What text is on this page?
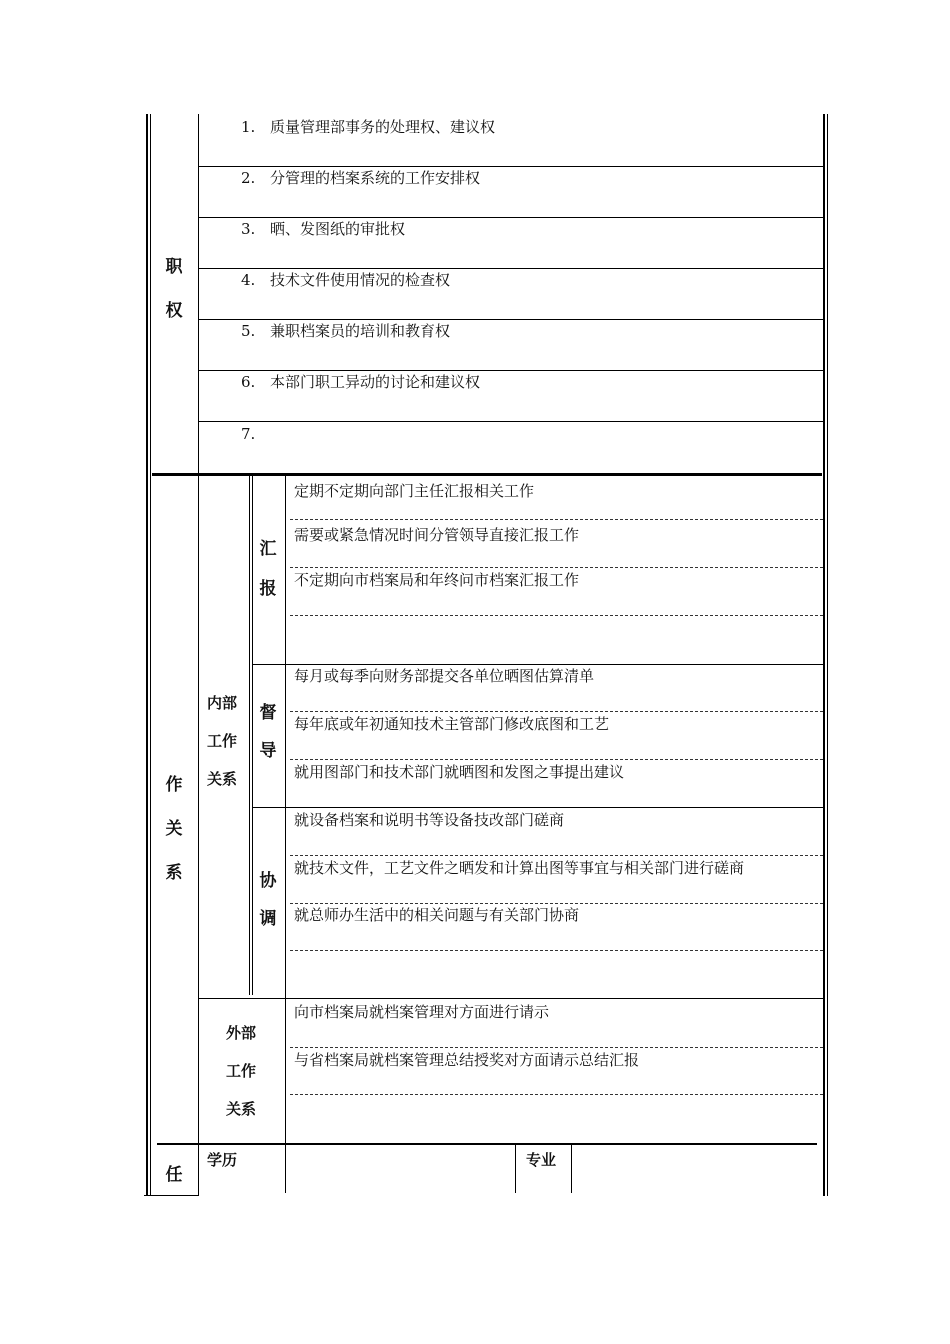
职
权
1. 质量管理部事务的处理权、建议权
2. 分管理的档案系统的工作安排权
3. 晒、发图纸的审批权
4. 技术文件使用情况的检查权
5. 兼职档案员的培训和教育权
6. 本部门职工异动的讨论和建议权
7.
作
关
系
内部
工作
关系
汇
报
定期不定期向部门主任汇报相关工作
需要或紧急情况时间分管领导直接汇报工作
不定期向市档案局和年终问市档案汇报工作
督
导
每月或每季向财务部提交各单位晒图估算清单
每年底或年初通知技术主管部门修改底图和工艺
就用图部门和技术部门就晒图和发图之事提出建议
协
调
就设备档案和说明书等设备技改部门磋商
就技术文件，工艺文件之晒发和计算出图等事宜与相关部门进行磋商
就总师办生活中的相关问题与有关部门协商
外部
工作
关系
向市档案局就档案管理对方面进行请示
与省档案局就档案管理总结授奖对方面请示总结汇报
任
学历	专业
